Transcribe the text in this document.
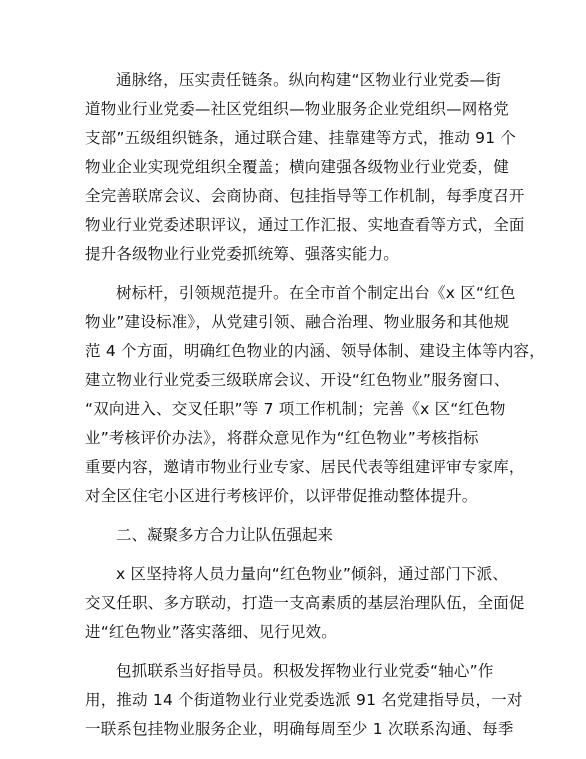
通脉络，压实责任链条。纵向构建“区物业行业党委—街
道物业行业党委—社区党组织—物业服务企业党组织—网格党
支部”五级组织链条，通过联合建、挂靠建等方式，推动 91 个
物业企业实现党组织全覆盖；横向建强各级物业行业党委，健
全完善联席会议、会商协商、包挂指导等工作机制，每季度召开
物业行业党委述职评议，通过工作汇报、实地查看等方式，全面
提升各级物业行业党委抓统筹、强落实能力。
树标杆，引领规范提升。在全市首个制定出台《x 区“红色
物业”建设标准》，从党建引领、融合治理、物业服务和其他规
范 4 个方面，明确红色物业的内涵、领导体制、建设主体等内容，
建立物业行业党委三级联席会议、开设“红色物业”服务窗口、
“双向进入、交叉任职”等 7 项工作机制；完善《x 区“红色物
业”考核评价办法》，将群众意见作为“红色物业”考核指标
重要内容，邀请市物业行业专家、居民代表等组建评审专家库，
对全区住宅小区进行考核评价，以评带促推动整体提升。
二、凝聚多方合力让队伍强起来
x 区坚持将人员力量向“红色物业”倾斜，通过部门下派、
交叉任职、多方联动，打造一支高素质的基层治理队伍，全面促
进“红色物业”落实落细、见行见效。
包抓联系当好指导员。积极发挥物业行业党委“轴心”作
用，推动 14 个街道物业行业党委选派 91 名党建指导员，一对
一联系包挂物业服务企业，明确每周至少 1 次联系沟通、每季
